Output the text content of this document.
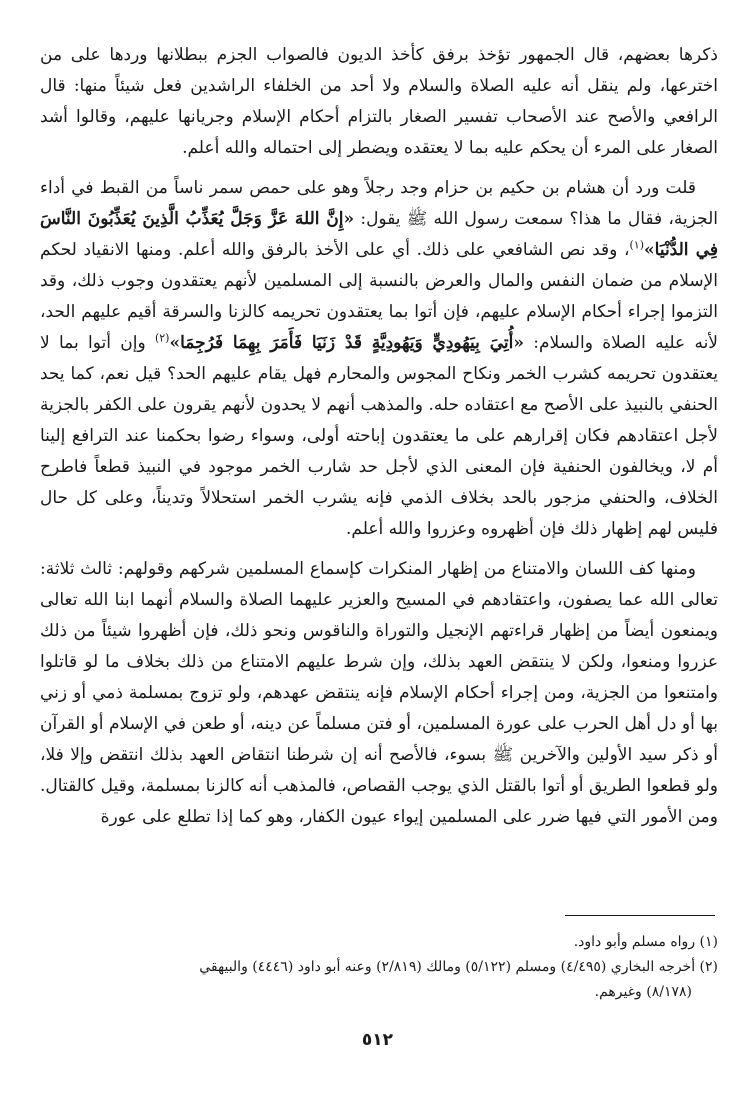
ذكرها بعضهم، قال الجمهور تؤخذ برفق كأخذ الديون فالصواب الجزم ببطلانها وردها على من اخترعها، ولم ينقل أنه عليه الصلاة والسلام ولا أحد من الخلفاء الراشدين فعل شيئاً منها: قال الرافعي والأصح عند الأصحاب تفسير الصغار بالتزام أحكام الإسلام وجريانها عليهم، وقالوا أشد الصغار على المرء أن يحكم عليه بما لا يعتقده ويضطر إلى احتماله والله أعلم.

قلت ورد أن هشام بن حكيم بن حزام وجد رجلاً وهو على حمص سمر ناساً من القبط في أداء الجزية، فقال ما هذا؟ سمعت رسول الله ﷺ يقول: «إِنَّ اللهَ عَزَّ وَجَلَّ يُعَذِّبُ الَّذِينَ يُعَذِّبُونَ النَّاسَ فِي الدُّنْيَا»$^{(١)}$، وقد نص الشافعي على ذلك. أي على الأخذ بالرفق والله أعلم. ومنها الانقياد لحكم الإسلام من ضمان النفس والمال والعرض بالنسبة إلى المسلمين لأنهم يعتقدون وجوب ذلك، وقد التزموا إجراء أحكام الإسلام عليهم، فإن أتوا بما يعتقدون تحريمه كالزنا والسرقة أقيم عليهم الحد، لأنه عليه الصلاة والسلام: «أُتِيَ بِيَهُودِيٍّ وَيَهُودِيَّةٍ قَدْ زَنَيَا فَأَمَرَ بِهِمَا فَرُجِمَا»$^{(٢)}$ وإن أتوا بما لا يعتقدون تحريمه كشرب الخمر ونكاح المجوس والمحارم فهل يقام عليهم الحد؟ قيل نعم، كما يحد الحنفي بالنبيذ على الأصح مع اعتقاده حله. والمذهب أنهم لا يحدون لأنهم يقرون على الكفر بالجزية لأجل اعتقادهم فكان إقرارهم على ما يعتقدون إباحته أولى، وسواء رضوا بحكمنا عند الترافع إلينا أم لا، ويخالفون الحنفية فإن المعنى الذي لأجل حد شارب الخمر موجود في النبيذ قطعاً فاطرح الخلاف، والحنفي مزجور بالحد بخلاف الذمي فإنه يشرب الخمر استحلالاً وتديناً، وعلى كل حال فليس لهم إظهار ذلك فإن أظهروه وعزروا والله أعلم.

ومنها كف اللسان والامتناع من إظهار المنكرات كإسماع المسلمين شركهم وقولهم: ثالث ثلاثة: تعالى الله عما يصفون، واعتقادهم في المسيح والعزير عليهما الصلاة والسلام أنهما ابنا الله تعالى ويمنعون أيضاً من إظهار قراءتهم الإنجيل والتوراة والناقوس ونحو ذلك، فإن أظهروا شيئاً من ذلك عزروا ومنعوا، ولكن لا ينتقض العهد بذلك، وإن شرط عليهم الامتناع من ذلك بخلاف ما لو قاتلوا وامتنعوا من الجزية، ومن إجراء أحكام الإسلام فإنه ينتقض عهدهم، ولو تزوج بمسلمة ذمي أو زني بها أو دل أهل الحرب على عورة المسلمين، أو فتن مسلماً عن دينه، أو طعن في الإسلام أو القرآن أو ذكر سيد الأولين والآخرين ﷺ بسوء، فالأصح أنه إن شرطنا انتقاض العهد بذلك انتقض وإلا فلا، ولو قطعوا الطريق أو أتوا بالقتل الذي يوجب القصاص، فالمذهب أنه كالزنا بمسلمة، وقيل كالقتال. ومن الأمور التي فيها ضرر على المسلمين إيواء عيون الكفار، وهو كما إذا تطلع على عورة

(١) رواه مسلم وأبو داود.

(٢) أخرجه البخاري (٤/٤٩٥) ومسلم (٥/١٢٢) ومالك (٢/٨١٩) وعنه أبو داود (٤٤٤٦) والبيهقي

(٨/١٧٨) وغيرهم.

٥١٢
